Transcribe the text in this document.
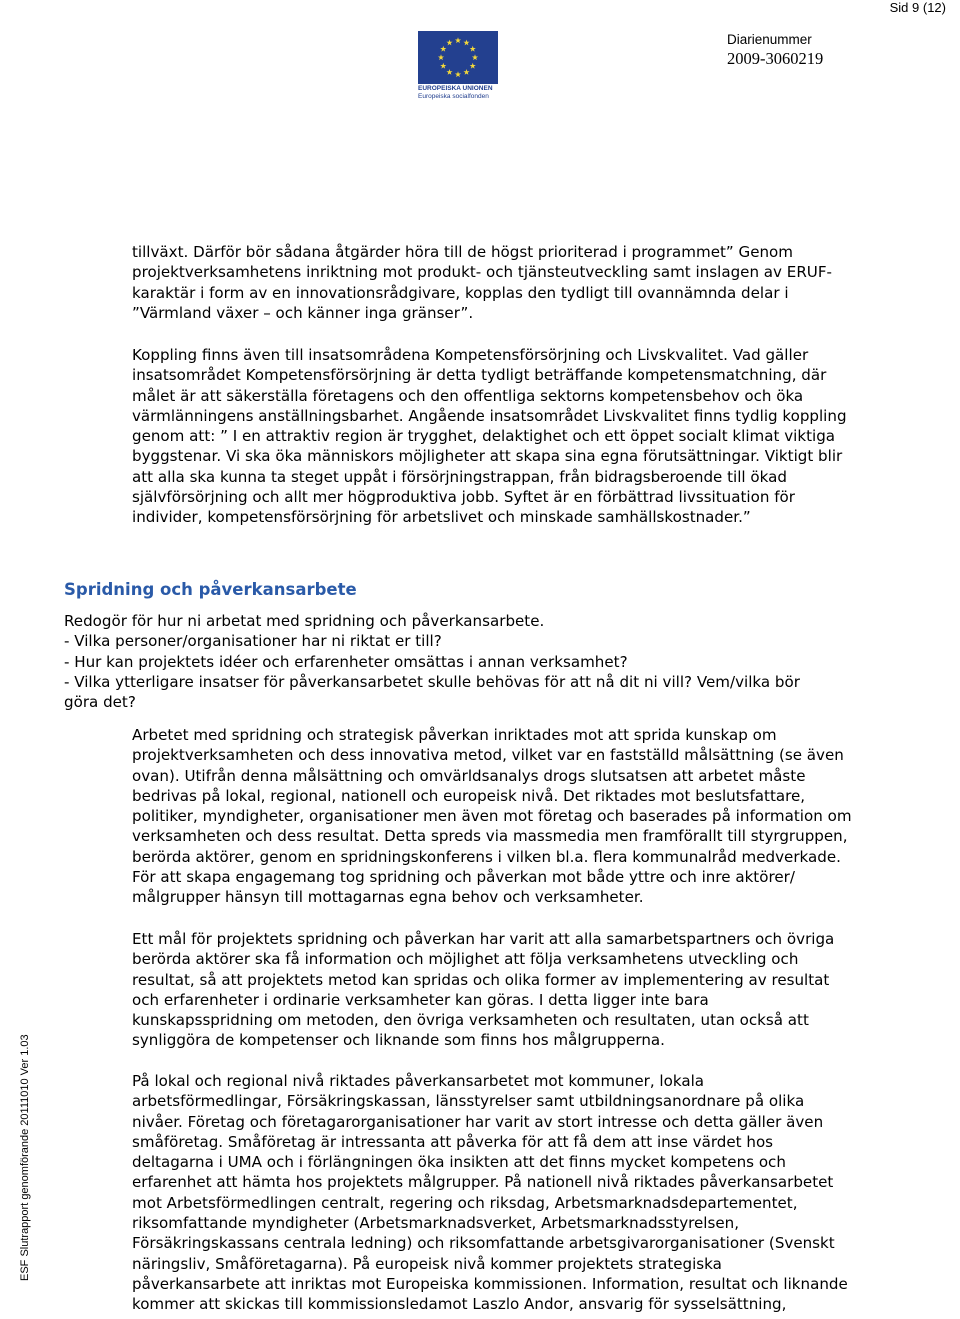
Sid 9 (12)
EUROPEISKA UNIONEN
Europeiska socialfonden
Diarienummer
2009-3060219
ESF Slutrapport genomförande 20111010 Ver 1.03
tillväxt. Därför bör sådana åtgärder höra till de högst prioriterad i programmet” Genom
projektverksamhetens inriktning mot produkt- och tjänsteutveckling samt inslagen av ERUF-
karaktär i form av en innovationsrådgivare, kopplas den tydligt till ovannämnda delar i
”Värmland växer – och känner inga gränser”.
Koppling finns även till insatsområdena Kompetensförsörjning och Livskvalitet. Vad gäller
insatsområdet Kompetensförsörjning är detta tydligt beträffande kompetensmatchning, där
målet är att säkerställa företagens och den offentliga sektorns kompetensbehov och öka
värmlänningens anställningsbarhet. Angående insatsområdet Livskvalitet finns tydlig koppling
genom att: ” I en attraktiv region är trygghet, delaktighet och ett öppet socialt klimat viktiga
byggstenar. Vi ska öka människors möjligheter att skapa sina egna förutsättningar. Viktigt blir
att alla ska kunna ta steget uppåt i försörjningstrappan, från bidragsberoende till ökad
självförsörjning och allt mer högproduktiva jobb. Syftet är en förbättrad livssituation för
individer, kompetensförsörjning för arbetslivet och minskade samhällskostnader.”
Spridning och påverkansarbete
Redogör för hur ni arbetat med spridning och påverkansarbete.
- Vilka personer/organisationer har ni riktat er till?
- Hur kan projektets idéer och erfarenheter omsättas i annan verksamhet?
- Vilka ytterligare insatser för påverkansarbetet skulle behövas för att nå dit ni vill? Vem/vilka bör
göra det?
Arbetet med spridning och strategisk påverkan inriktades mot att sprida kunskap om
projektverksamheten och dess innovativa metod, vilket var en fastställd målsättning (se även
ovan). Utifrån denna målsättning och omvärldsanalys drogs slutsatsen att arbetet måste
bedrivas på lokal, regional, nationell och europeisk nivå. Det riktades mot beslutsfattare,
politiker, myndigheter, organisationer men även mot företag och baserades på information om
verksamheten och dess resultat. Detta spreds via massmedia men framförallt till styrgruppen,
berörda aktörer, genom en spridningskonferens i vilken bl.a. flera kommunalråd medverkade.
För att skapa engagemang tog spridning och påverkan mot både yttre och inre aktörer/
målgrupper hänsyn till mottagarnas egna behov och verksamheter.
Ett mål för projektets spridning och påverkan har varit att alla samarbetspartners och övriga
berörda aktörer ska få information och möjlighet att följa verksamhetens utveckling och
resultat, så att projektets metod kan spridas och olika former av implementering av resultat
och erfarenheter i ordinarie verksamheter kan göras. I detta ligger inte bara
kunskapsspridning om metoden, den övriga verksamheten och resultaten, utan också att
synliggöra de kompetenser och liknande som finns hos målgrupperna.
På lokal och regional nivå riktades påverkansarbetet mot kommuner, lokala
arbetsförmedlingar, Försäkringskassan, länsstyrelser samt utbildningsanordnare på olika
nivåer. Företag och företagarorganisationer har varit av stort intresse och detta gäller även
småföretag. Småföretag är intressanta att påverka för att få dem att inse värdet hos
deltagarna i UMA och i förlängningen öka insikten att det finns mycket kompetens och
erfarenhet att hämta hos projektets målgrupper. På nationell nivå riktades påverkansarbetet
mot Arbetsförmedlingen centralt, regering och riksdag, Arbetsmarknadsdepartementet,
riksomfattande myndigheter (Arbetsmarknadsverket, Arbetsmarknadsstyrelsen,
Försäkringskassans centrala ledning) och riksomfattande arbetsgivarorganisationer (Svenskt
näringsliv, Småföretagarna). På europeisk nivå kommer projektets strategiska
påverkansarbete att inriktas mot Europeiska kommissionen. Information, resultat och liknande
kommer att skickas till kommissionsledamot Laszlo Andor, ansvarig för sysselsättning,
